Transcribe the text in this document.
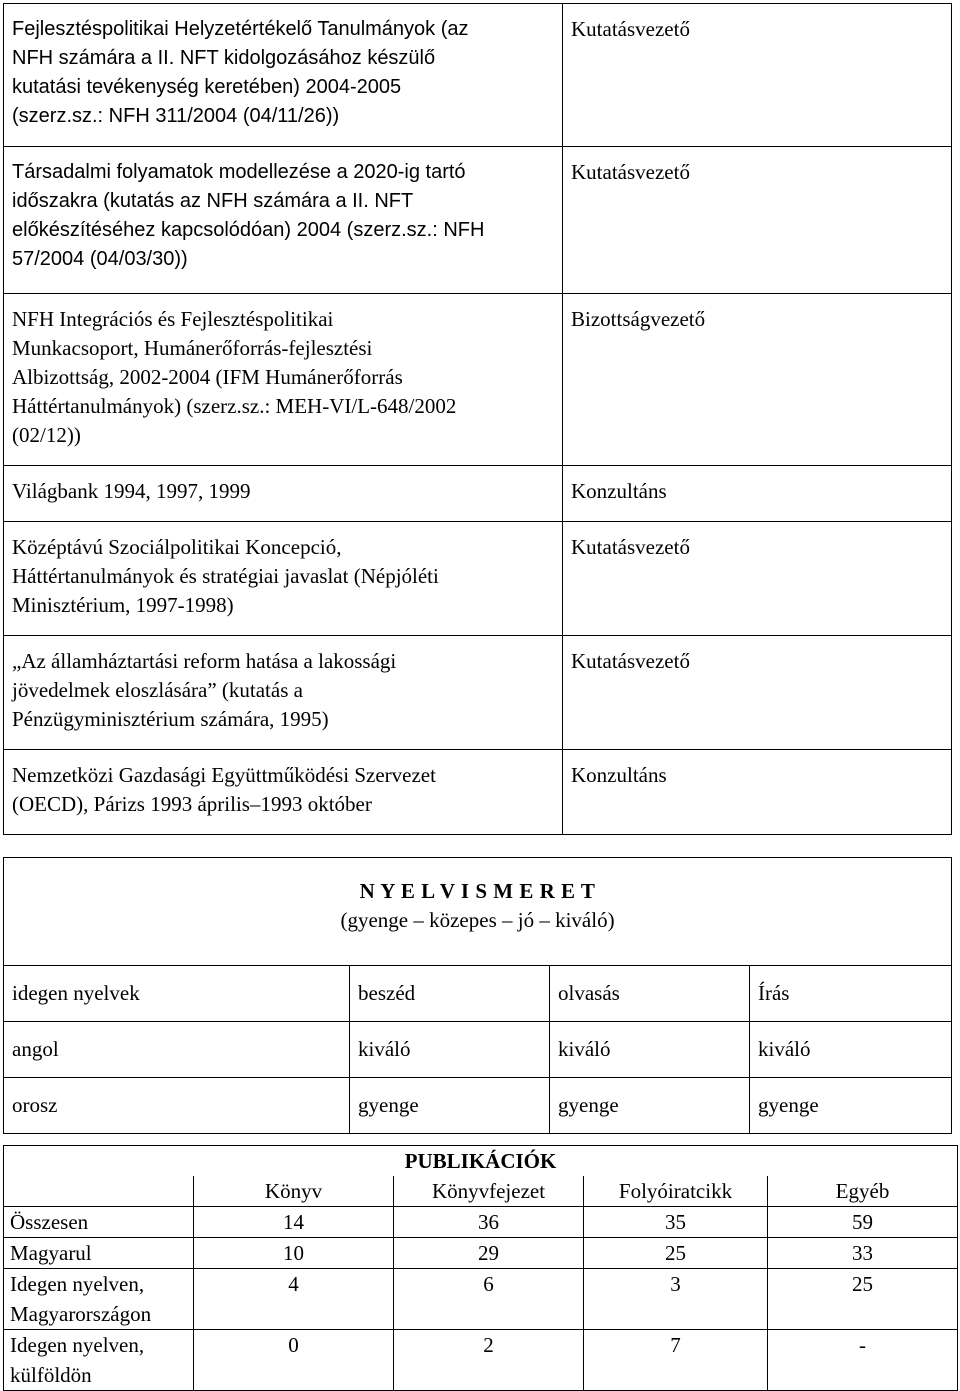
Fejlesztéspolitikai Helyzetértékelő Tanulmányok (az
NFH számára a II. NFT kidolgozásához készülő
kutatási tevékenység keretében) 2004-2005
(szerz.sz.: NFH 311/2004 (04/11/26))	Kutatásvezető

Társadalmi folyamatok modellezése a 2020-ig tartó
időszakra (kutatás az NFH számára a II. NFT
előkészítéséhez kapcsolódóan) 2004 (szerz.sz.: NFH
57/2004 (04/03/30))	Kutatásvezető

NFH Integrációs és Fejlesztéspolitikai
Munkacsoport, Humánerőforrás-fejlesztési
Albizottság, 2002-2004 (IFM Humánerőforrás
Háttértanulmányok) (szerz.sz.: MEH-VI/L-648/2002
(02/12))	Bizottságvezető

Világbank 1994, 1997, 1999	Konzultáns

Középtávú Szociálpolitikai Koncepció,
Háttértanulmányok és stratégiai javaslat (Népjóléti
Minisztérium, 1997-1998)	Kutatásvezető

„Az államháztartási reform hatása a lakossági
jövedelmek eloszlására” (kutatás a
Pénzügyminisztérium számára, 1995)	Kutatásvezető

Nemzetközi Gazdasági Együttműködési Szervezet
(OECD), Párizs 1993 április–1993 október	Konzultáns
N Y E L V I S M E R E T
(gyenge – közepes – jó – kiváló)			

idegen nyelvek	beszéd	olvasás	Írás
angol	kiváló	kiváló	kiváló
orosz	gyenge	gyenge	gyenge
	PUBLIKÁCIÓK			
	Könyv	Könyvfejezet	Folyóiratcikk	Egyéb
Összesen	14	36	35	59
Magyarul	10	29	25	33
Idegen nyelven, Magyarországon	4	6	3	25
Idegen nyelven, külföldön	0	2	7	-
